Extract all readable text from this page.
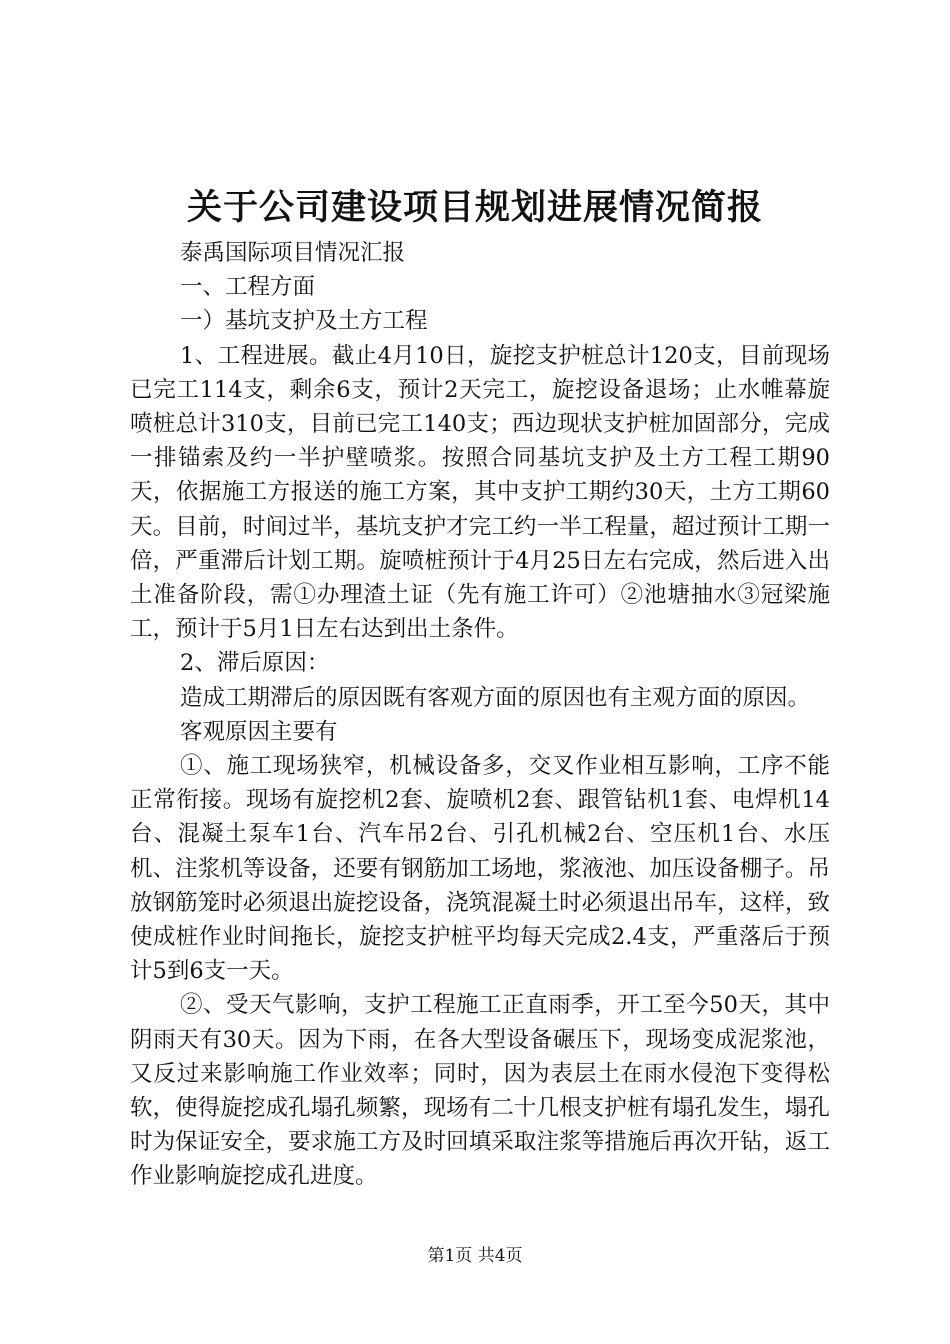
关于公司建设项目规划进展情况简报

泰禹国际项目情况汇报

一、工程方面

一）基坑支护及土方工程

1、工程进展。截止4月10日，旋挖支护桩总计120支，目前现场已完工114支，剩余6支，预计2天完工，旋挖设备退场；止水帷幕旋喷桩总计310支，目前已完工140支；西边现状支护桩加固部分，完成一排锚索及约一半护壁喷浆。按照合同基坑支护及土方工程工期90天，依据施工方报送的施工方案，其中支护工期约30天，土方工期60天。目前，时间过半，基坑支护才完工约一半工程量，超过预计工期一倍，严重滞后计划工期。旋喷桩预计于4月25日左右完成，然后进入出土准备阶段，需①办理渣土证（先有施工许可）②池塘抽水③冠梁施工，预计于5月1日左右达到出土条件。

2、滞后原因：

造成工期滞后的原因既有客观方面的原因也有主观方面的原因。

客观原因主要有

①、施工现场狭窄，机械设备多，交叉作业相互影响，工序不能正常衔接。现场有旋挖机2套、旋喷机2套、跟管钻机1套、电焊机14台、混凝土泵车1台、汽车吊2台、引孔机械2台、空压机1台、水压机、注浆机等设备，还要有钢筋加工场地，浆液池、加压设备棚子。吊放钢筋笼时必须退出旋挖设备，浇筑混凝土时必须退出吊车，这样，致使成桩作业时间拖长，旋挖支护桩平均每天完成2.4支，严重落后于预计5到6支一天。

②、受天气影响，支护工程施工正直雨季，开工至今50天，其中阴雨天有30天。因为下雨，在各大型设备碾压下，现场变成泥浆池，又反过来影响施工作业效率；同时，因为表层土在雨水侵泡下变得松软，使得旋挖成孔塌孔频繁，现场有二十几根支护桩有塌孔发生，塌孔时为保证安全，要求施工方及时回填采取注浆等措施后再次开钻，返工作业影响旋挖成孔进度。

第1页 共4页
